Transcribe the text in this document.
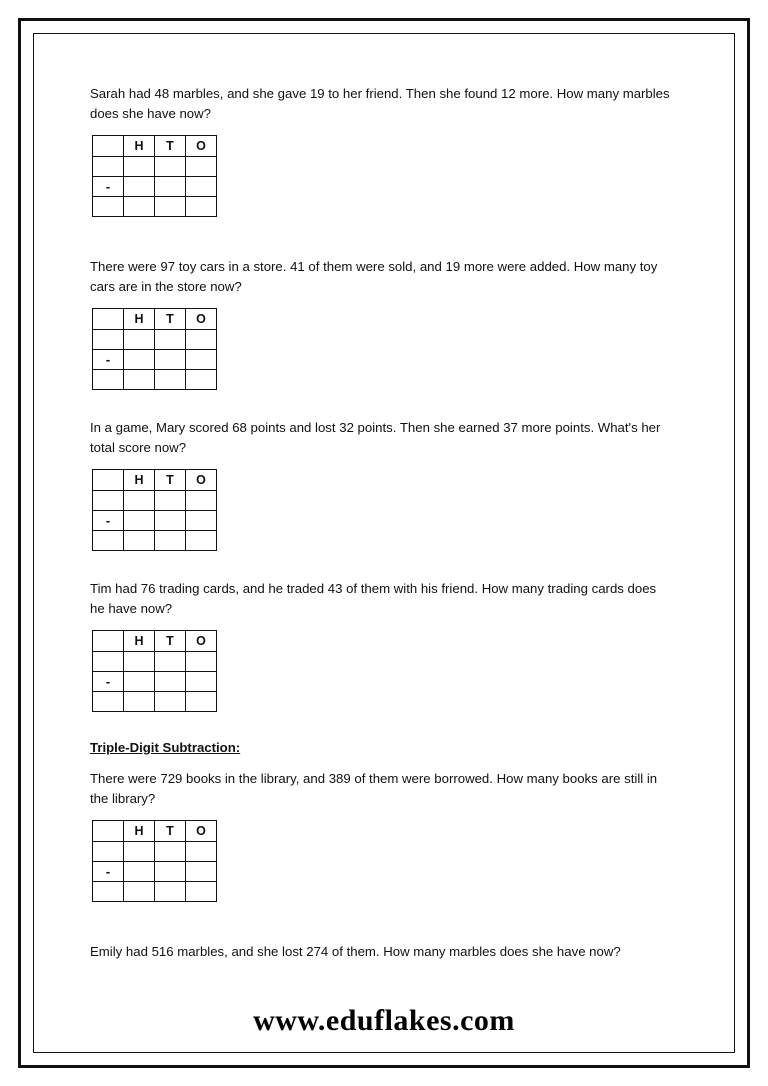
Sarah had 48 marbles, and she gave 19 to her friend. Then she found 12 more. How many marbles does she have now?

	H	T	O

-			

There were 97 toy cars in a store. 41 of them were sold, and 19 more were added. How many toy cars are in the store now?

	H	T	O

-			

In a game, Mary scored 68 points and lost 32 points. Then she earned 37 more points. What's her total score now?

	H	T	O

-			

Tim had 76 trading cards, and he traded 43 of them with his friend. How many trading cards does he have now?

	H	T	O

-			

Triple-Digit Subtraction:

There were 729 books in the library, and 389 of them were borrowed. How many books are still in the library?

	H	T	O

-			

Emily had 516 marbles, and she lost 274 of them. How many marbles does she have now?

www.eduflakes.com
